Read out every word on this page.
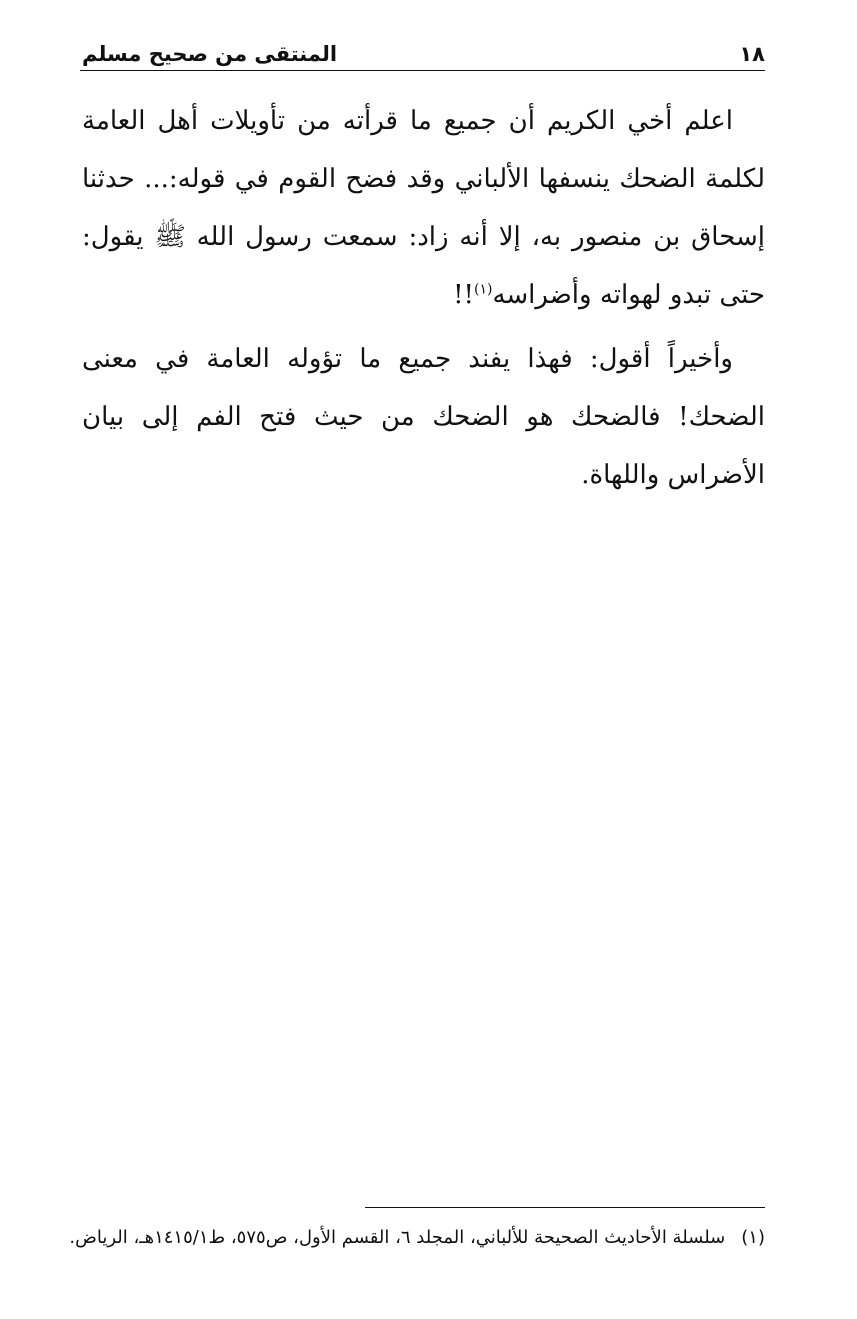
١٨
المنتقى من صحيح مسلم

اعلم أخي الكريم أن جميع ما قرأته من تأويلات أهل العامة لكلمة الضحك ينسفها الألباني وقد فضح القوم في قوله:... حدثنا إسحاق بن منصور به، إلا أنه زاد: سمعت رسول الله ﷺ يقول: حتى تبدو لهواته وأضراسه$^{(١)}$!!

وأخيراً أقول: فهذا يفند جميع ما تؤوله العامة في معنى الضحك! فالضحك هو الضحك من حيث فتح الفم إلى بيان الأضراس واللهاة.

(١)سلسلة الأحاديث الصحيحة للألباني، المجلد ٦، القسم الأول، ص٥٧٥، ط١٤١٥/١هـ، الرياض.
